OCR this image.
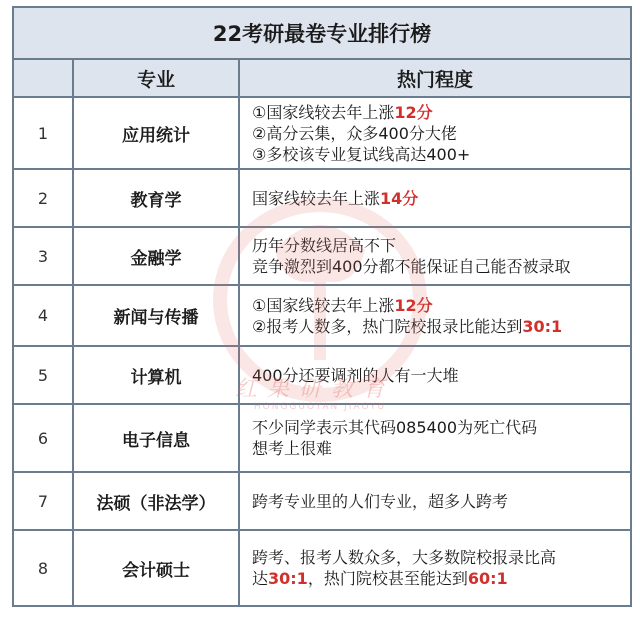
22考研最卷专业排行榜		
	专业	热门程度
1	应用统计	①国家线较去年上涨12分
②高分云集，众多400分大佬
③多校该专业复试线高达400+

2	教育学	国家线较去年上涨14分

3	金融学	历年分数线居高不下
竞争激烈到400分都不能保证自己能否被录取

4	新闻与传播	①国家线较去年上涨12分
②报考人数多，热门院校报录比能达到30:1

5	计算机	400分还要调剂的人有一大堆

6	电子信息	不少同学表示其代码085400为死亡代码
想考上很难

7	法硕（非法学）	跨考专业里的人们专业，超多人跨考

8	会计硕士	跨考、报考人数众多，大多数院校报录比高
达30:1，热门院校甚至能达到60:1
红果研教育
HONGGUOYAN JIAOYU
